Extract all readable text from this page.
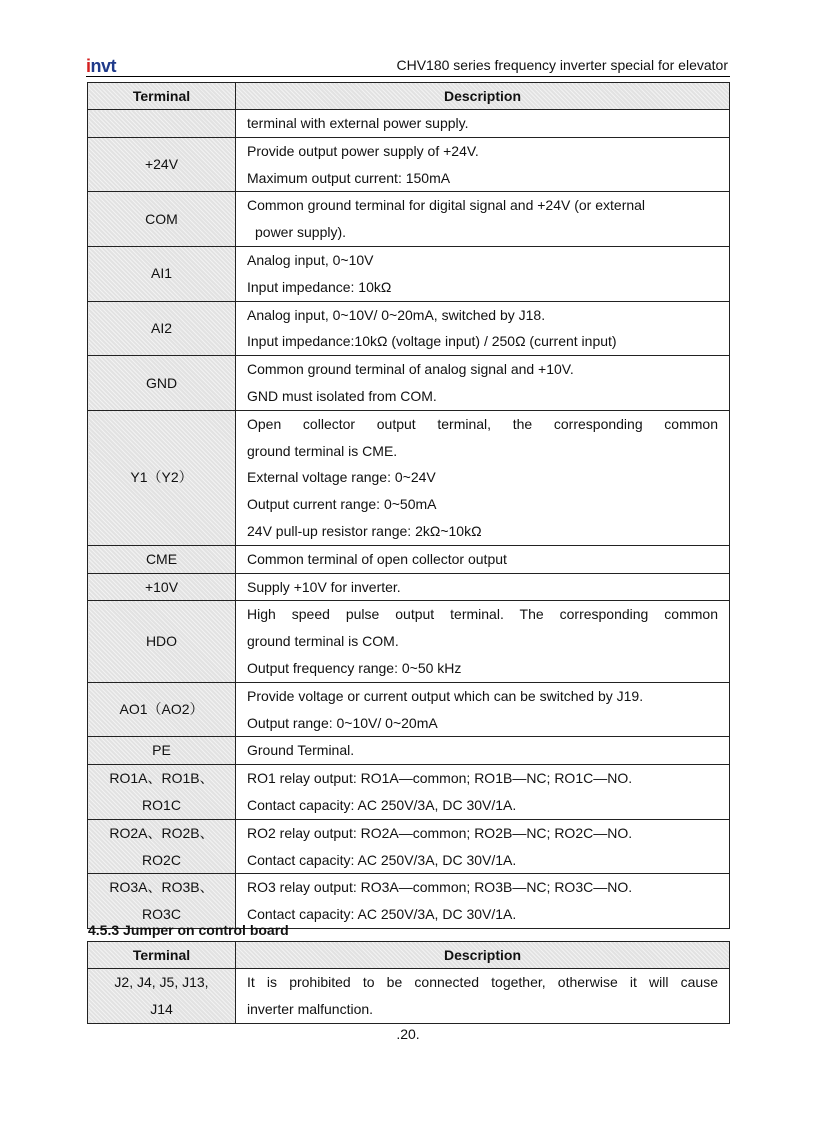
invt	CHV180 series frequency inverter special for elevator
Terminal	Description

	terminal with external power supply.

+24V	Provide output power supply of +24V.
Maximum output current: 150mA

COM	Common ground terminal for digital signal and +24V (or external
power supply).

AI1	Analog input, 0~10V
Input impedance: 10kΩ

AI2	Analog input, 0~10V/ 0~20mA, switched by J18.
Input impedance:10kΩ (voltage input) / 250Ω (current input)

GND	Common ground terminal of analog signal and +10V.
GND must isolated from COM.

Y1（Y2）	Open collector output terminal, the corresponding common
ground terminal is CME.
External voltage range: 0~24V
Output current range: 0~50mA
24V pull-up resistor range: 2kΩ~10kΩ

CME	Common terminal of open collector output

+10V	Supply +10V for inverter.

HDO	High speed pulse output terminal. The corresponding common
ground terminal is COM.
Output frequency range: 0~50 kHz

AO1（AO2）	Provide voltage or current output which can be switched by J19.
Output range: 0~10V/ 0~20mA

PE	Ground Terminal.

RO1A、RO1B、
RO1C	RO1 relay output: RO1A—common; RO1B—NC; RO1C—NO.
Contact capacity: AC 250V/3A, DC 30V/1A.

RO2A、RO2B、
RO2C	RO2 relay output: RO2A—common; RO2B—NC; RO2C—NO.
Contact capacity: AC 250V/3A, DC 30V/1A.

RO3A、RO3B、
RO3C	RO3 relay output: RO3A—common; RO3B—NC; RO3C—NO.
Contact capacity: AC 250V/3A, DC 30V/1A.
4.5.3 Jumper on control board
Terminal	Description

J2, J4, J5, J13,
J14	It is prohibited to be connected together, otherwise it will cause
inverter malfunction.
.20.
